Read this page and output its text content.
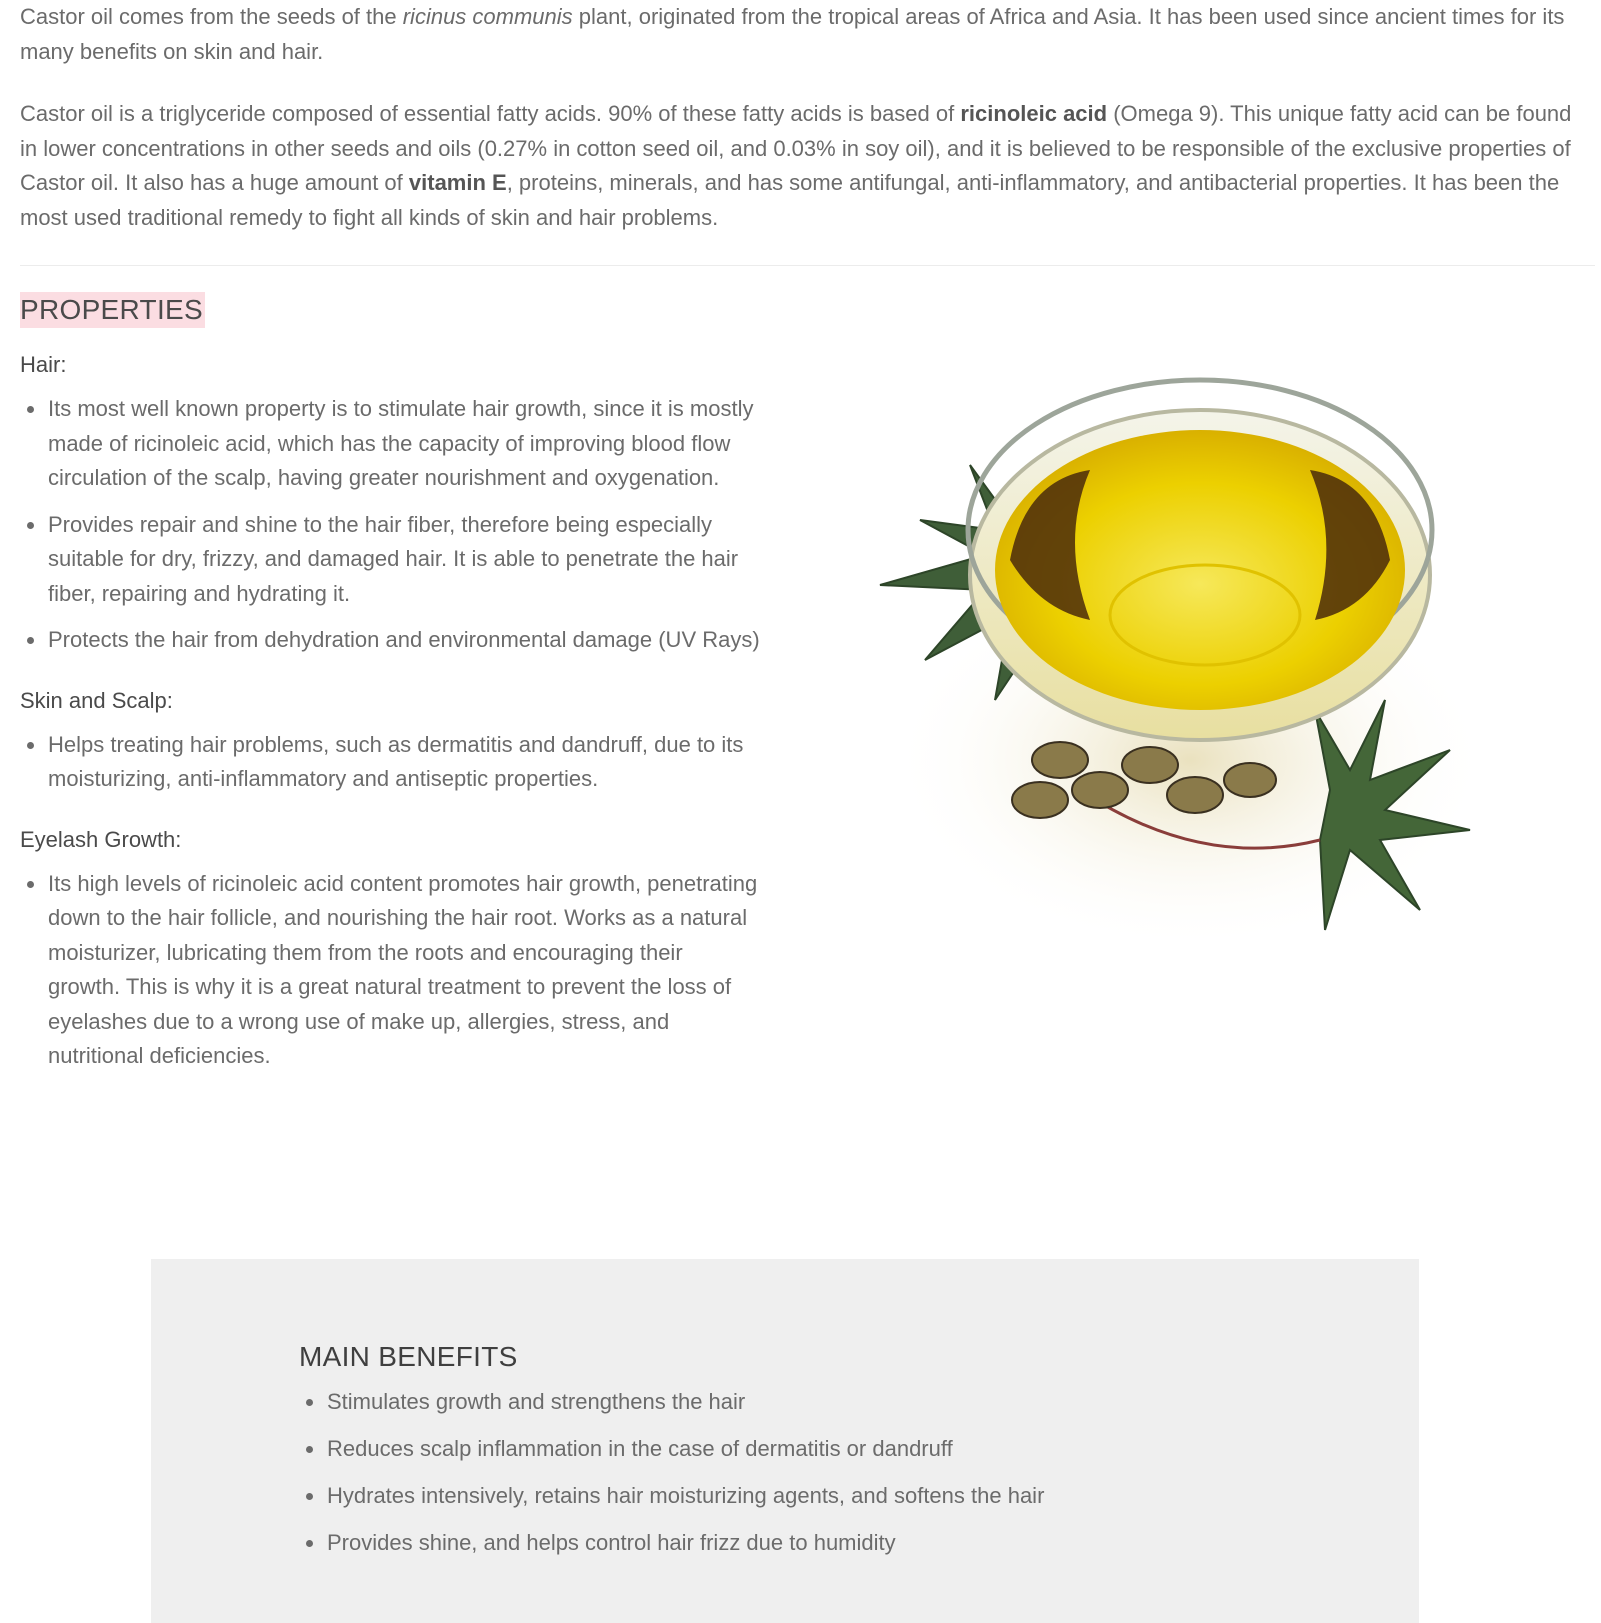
Castor oil comes from the seeds of the ricinus communis plant, originated from the tropical areas of Africa and Asia. It has been used since ancient times for its many benefits on skin and hair.

Castor oil is a triglyceride composed of essential fatty acids. 90% of these fatty acids is based of ricinoleic acid (Omega 9). This unique fatty acid can be found in lower concentrations in other seeds and oils (0.27% in cotton seed oil, and 0.03% in soy oil), and it is believed to be responsible of the exclusive properties of Castor oil. It also has a huge amount of vitamin E, proteins, minerals, and has some antifungal, anti-inflammatory, and antibacterial properties. It has been the most used traditional remedy to fight all kinds of skin and hair problems.

PROPERTIES
Hair:
Its most well known property is to stimulate hair growth, since it is mostly made of ricinoleic acid, which has the capacity of improving blood flow circulation of the scalp, having greater nourishment and oxygenation.
Provides repair and shine to the hair fiber, therefore being especially suitable for dry, frizzy, and damaged hair. It is able to penetrate the hair fiber, repairing and hydrating it.
Protects the hair from dehydration and environmental damage (UV Rays)
Skin and Scalp:
Helps treating hair problems, such as dermatitis and dandruff, due to its moisturizing, anti-inflammatory and antiseptic properties.
Eyelash Growth:
Its high levels of ricinoleic acid content promotes hair growth, penetrating down to the hair follicle, and nourishing the hair root. Works as a natural moisturizer, lubricating them from the roots and encouraging their growth. This is why it is a great natural treatment to prevent the loss of eyelashes due to a wrong use of make up, allergies, stress, and nutritional deficiencies.
MAIN BENEFITS
Stimulates growth and strengthens the hair
Reduces scalp inflammation in the case of dermatitis or dandruff
Hydrates intensively, retains hair moisturizing agents, and softens the hair
Provides shine, and helps control hair frizz due to humidity
